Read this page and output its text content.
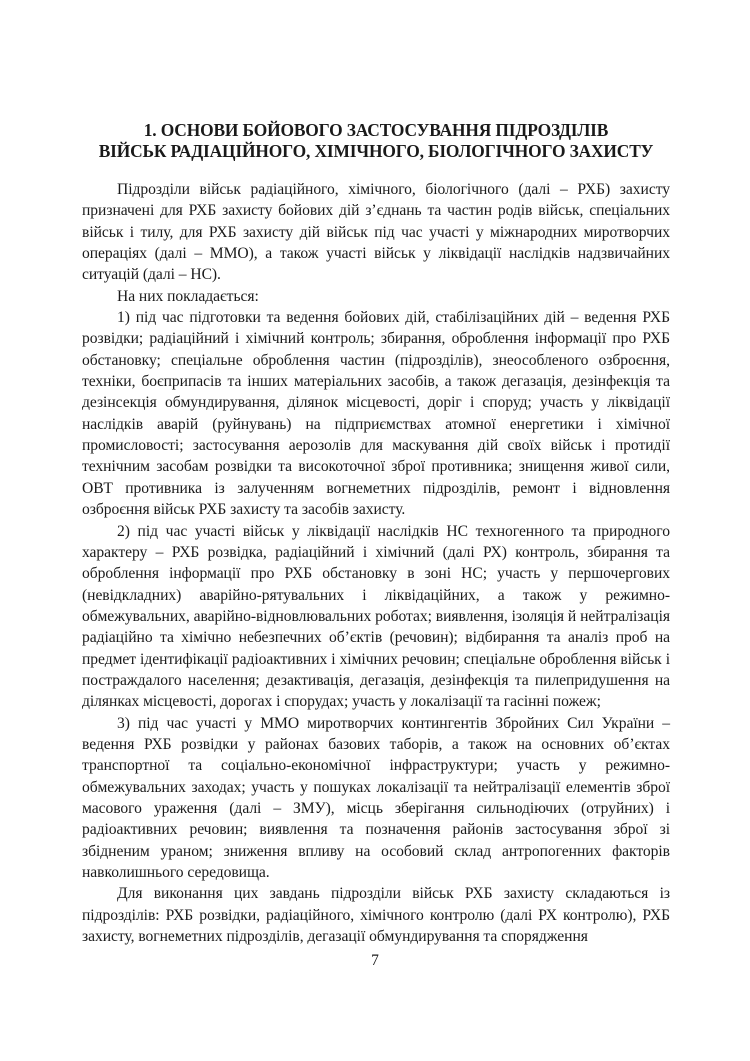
1. ОСНОВИ БОЙОВОГО ЗАСТОСУВАННЯ ПІДРОЗДІЛІВ
ВІЙСЬК РАДІАЦІЙНОГО, ХІМІЧНОГО, БІОЛОГІЧНОГО ЗАХИСТУ

Підрозділи військ радіаційного, хімічного, біологічного (далі – РХБ) захисту призначені для РХБ захисту бойових дій з’єднань та частин родів військ, спеціальних військ і тилу, для РХБ захисту дій військ під час участі у міжнародних миротворчих операціях (далі – ММО), а також участі військ у ліквідації наслідків надзвичайних ситуацій (далі – НС).

На них покладається:

1) під час підготовки та ведення бойових дій, стабілізаційних дій – ведення РХБ розвідки; радіаційний і хімічний контроль; збирання, оброблення інформації про РХБ обстановку; спеціальне оброблення частин (підрозділів), знеособленого озброєння, техніки, боєприпасів та інших матеріальних засобів, а також дегазація, дезінфекція та дезінсекція обмундирування, ділянок місцевості, доріг і споруд; участь у ліквідації наслідків аварій (руйнувань) на підприємствах атомної енергетики і хімічної промисловості; застосування аерозолів для маскування дій своїх військ і протидії технічним засобам розвідки та високоточної зброї противника; знищення живої сили, ОВТ противника із залученням вогнеметних підрозділів, ремонт і відновлення озброєння військ РХБ захисту та засобів захисту.

2) під час участі військ у ліквідації наслідків НС техногенного та природного характеру – РХБ розвідка, радіаційний і хімічний (далі РХ) контроль, збирання та оброблення інформації про РХБ обстановку в зоні НС; участь у першочергових (невідкладних) аварійно-рятувальних і ліквідаційних, а також у режимно-обмежувальних, аварійно-відновлювальних роботах; виявлення, ізоляція й нейтралізація радіаційно та хімічно небезпечних об’єктів (речовин); відбирання та аналіз проб на предмет ідентифікації радіоактивних і хімічних речовин; спеціальне оброблення військ і постраждалого населення; дезактивація, дегазація, дезінфекція та пилепридушення на ділянках місцевості, дорогах і спорудах; участь у локалізації та гасінні пожеж;

3) під час участі у ММО миротворчих контингентів Збройних Сил України – ведення РХБ розвідки у районах базових таборів, а також на основних об’єктах транспортної та соціально-економічної інфраструктури; участь у режимно-обмежувальних заходах; участь у пошуках локалізації та нейтралізації елементів зброї масового ураження (далі – ЗМУ), місць зберігання сильнодіючих (отруйних) і радіоактивних речовин; виявлення та позначення районів застосування зброї зі збідненим ураном; зниження впливу на особовий склад антропогенних факторів навколишнього середовища.

Для виконання цих завдань підрозділи військ РХБ захисту складаються із підрозділів: РХБ розвідки, радіаційного, хімічного контролю (далі РХ контролю), РХБ захисту, вогнеметних підрозділів, дегазації обмундирування та спорядження

7
